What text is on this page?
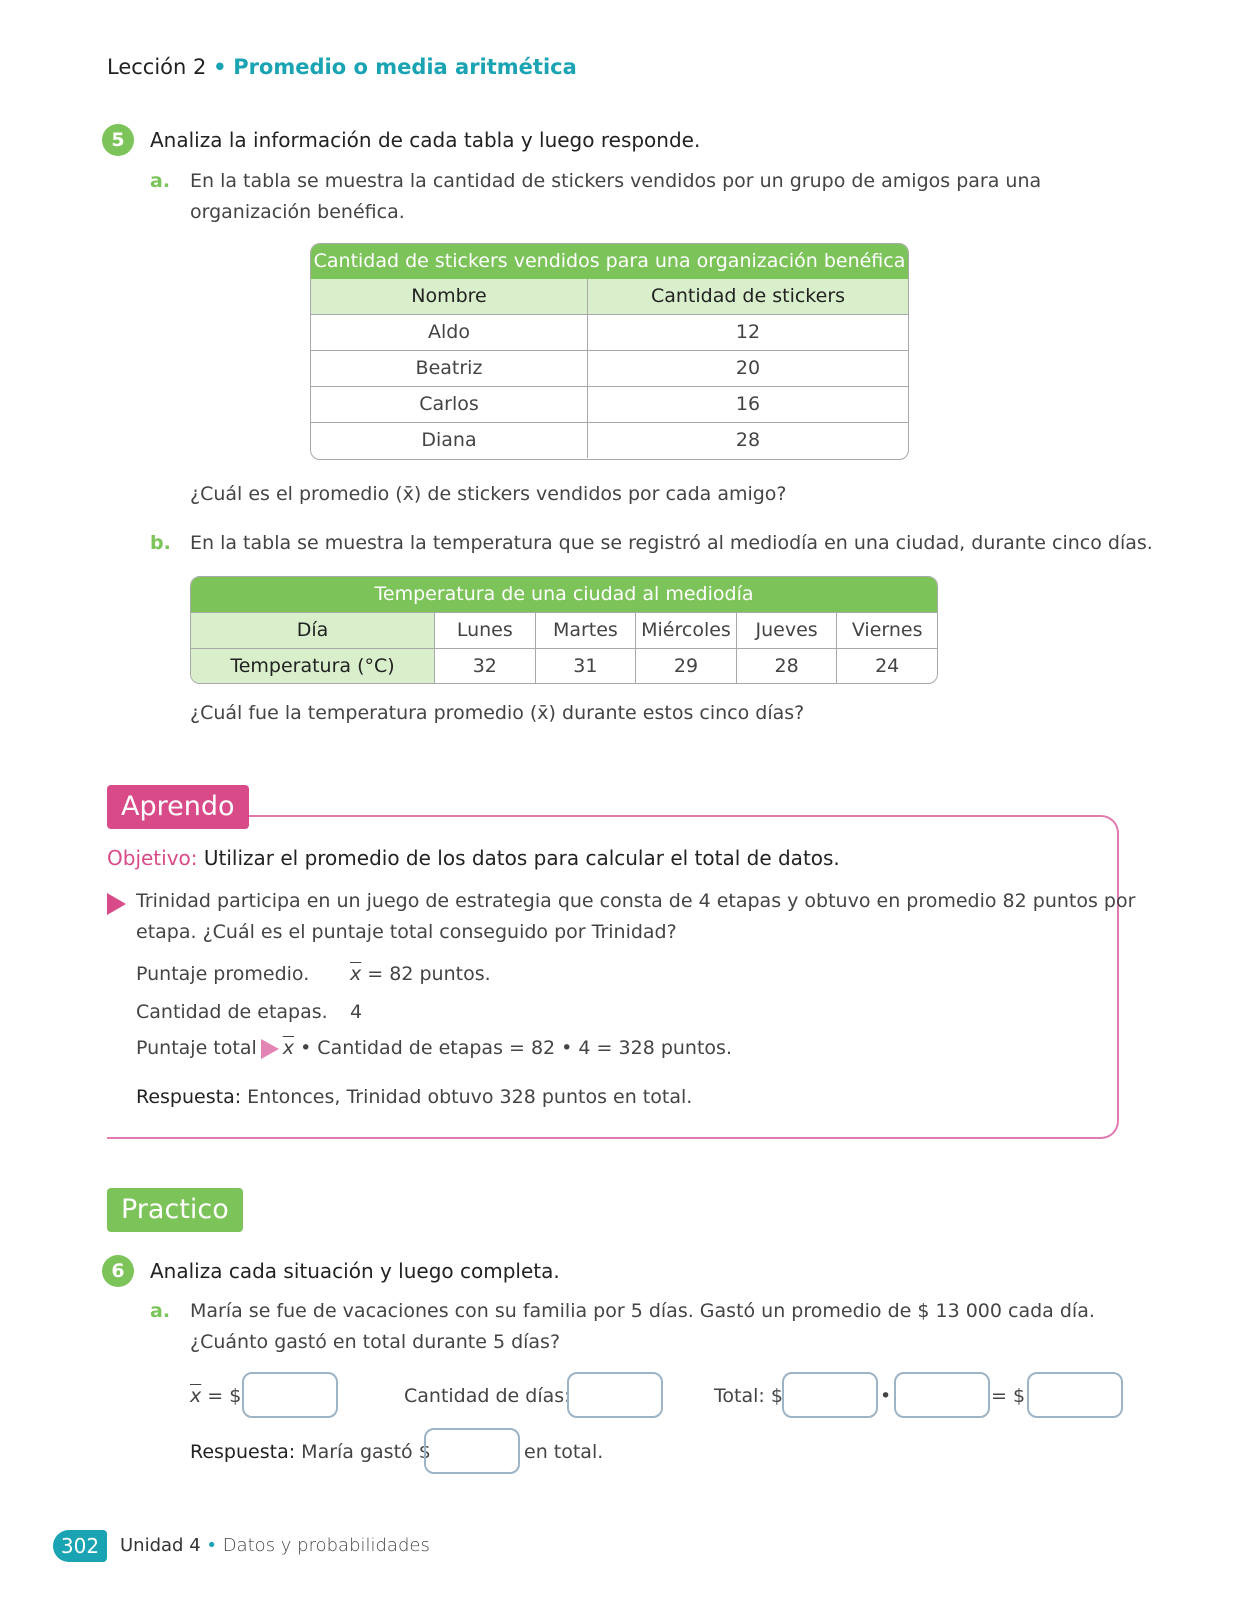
Lección 2 • Promedio o media aritmética
5	Analiza la información de cada tabla y luego responde.
a. En la tabla se muestra la cantidad de stickers vendidos por un grupo de amigos para una organización benéfica.
Cantidad de stickers vendidos para una organización benéfica
Nombre	Cantidad de stickers
Aldo	12
Beatriz	20
Carlos	16
Diana	28
¿Cuál es el promedio (x̄) de stickers vendidos por cada amigo?
b. En la tabla se muestra la temperatura que se registró al mediodía en una ciudad, durante cinco días.
Temperatura de una ciudad al mediodía
Día	Lunes	Martes	Miércoles	Jueves	Viernes
Temperatura (°C)	32	31	29	28	24
¿Cuál fue la temperatura promedio (x̄) durante estos cinco días?
Aprendo
Objetivo: Utilizar el promedio de los datos para calcular el total de datos.
Trinidad participa en un juego de estrategia que consta de 4 etapas y obtuvo en promedio 82 puntos por
etapa. ¿Cuál es el puntaje total conseguido por Trinidad?
Puntaje promedio. $\overline{x} = 82$ puntos.
Cantidad de etapas. 4
Puntaje total $\overline{x}$ • Cantidad de etapas = 82 • 4 = 328 puntos.
Respuesta: Entonces, Trinidad obtuvo 328 puntos en total.
Practico
6	Analiza cada situación y luego completa.
a. María se fue de vacaciones con su familia por 5 días. Gastó un promedio de $ 13 000 cada día.
¿Cuánto gastó en total durante 5 días?
$\overline{x}$ = $	Cantidad de días:	Total: $	•	= $
Respuesta: María gastó $	en total.
302	Unidad 4 • Datos y probabilidades
